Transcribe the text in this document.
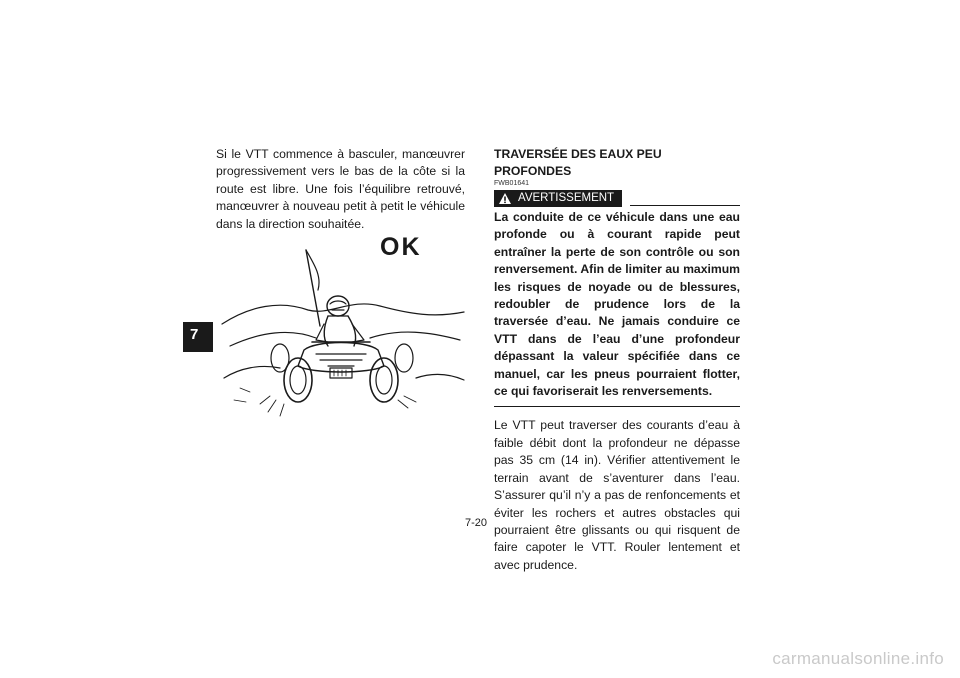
7

Si le VTT commence à basculer, manœuvrer progressivement vers le bas de la côte si la route est libre. Une fois l’équilibre retrouvé, manœuvrer à nouveau petit à petit le véhicule dans la direction souhaitée.

OK
TRAVERSÉE DES EAUX PEU PROFONDES
FWB01641
AVERTISSEMENT

La conduite de ce véhicule dans une eau profonde ou à courant rapide peut entraîner la perte de son contrôle ou son renversement. Afin de limiter au maximum les risques de noyade ou de blessures, redoubler de prudence lors de la traversée d’eau. Ne jamais conduire ce VTT dans de l’eau d’une profondeur dépassant la valeur spécifiée dans ce manuel, car les pneus pourraient flotter, ce qui favoriserait les renversements.

Le VTT peut traverser des courants d’eau à faible débit dont la profondeur ne dépasse pas 35 cm (14 in). Vérifier attentivement le terrain avant de s’aventurer dans l’eau. S’assurer qu’il n’y a pas de renfoncements et éviter les rochers et autres obstacles qui pourraient être glissants ou qui risquent de faire capoter le VTT. Rouler lentement et avec prudence.

7-20
carmanualsonline.info
